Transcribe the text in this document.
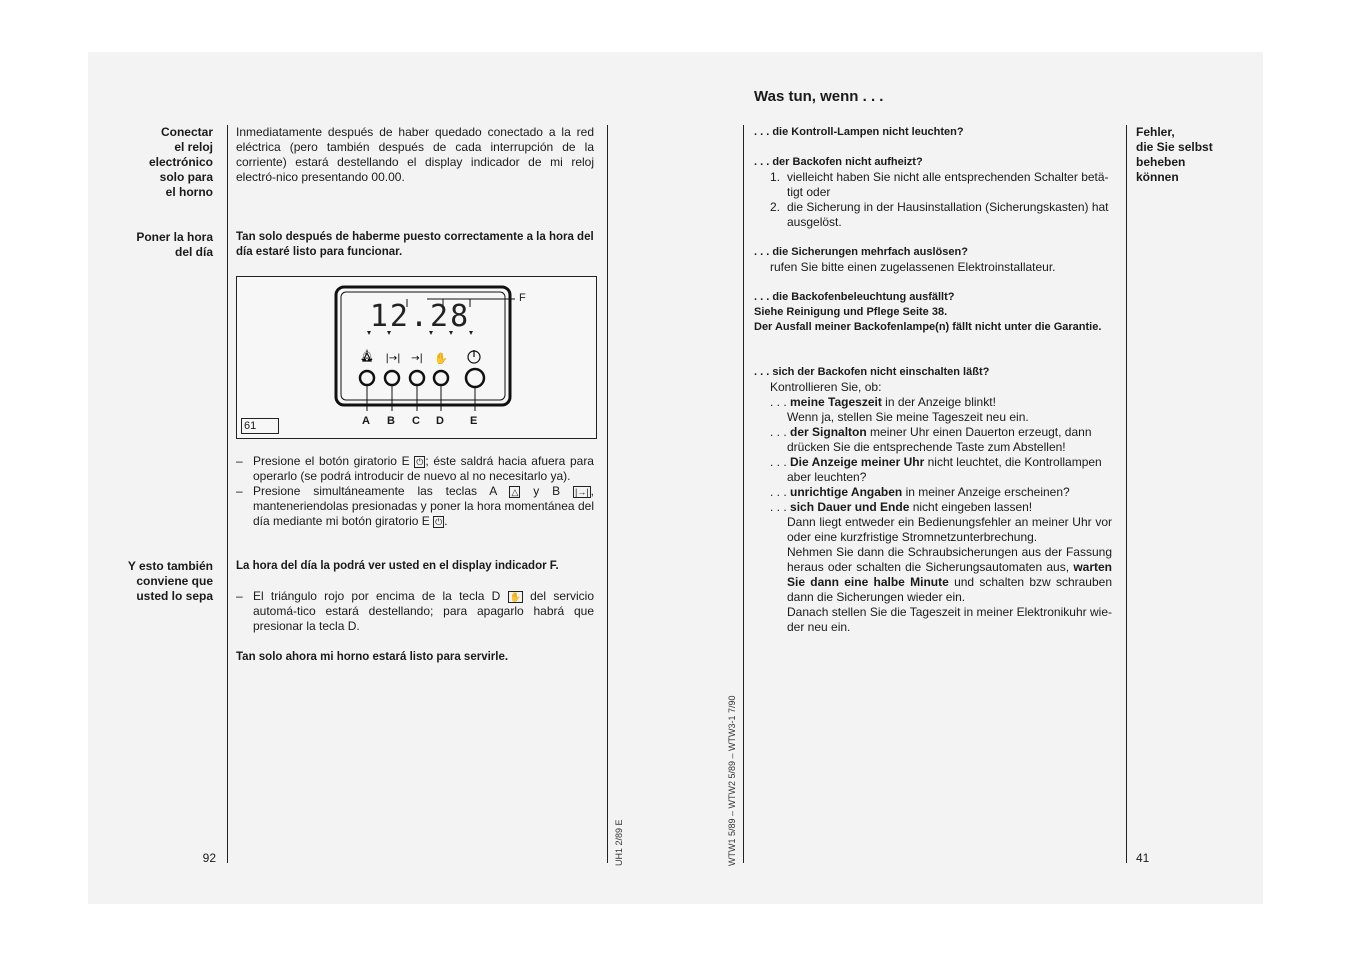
Conectar
el reloj
electrónico
solo para
el horno
Poner la hora
del día
Y esto también
conviene que
usted lo sepa
Inmediatamente después de haber quedado conectado a la red eléctrica (pero también después de cada interrupción de la corriente) estará destellando el display indicador de mi reloj electró-nico presentando 00.00.
Tan solo después de haberme puesto correctamente a la hora del día estaré listo para funcionar.
🔔︎ |→| →| ✋
12.28
F
61	A B C D E
– Presione el botón giratorio E ⏻ ; éste saldrá hacia afuera para operarlo (se podrá introducir de nuevo al no necesitarlo ya).
– Presione simultáneamente las teclas A △ y B |→| , manteneriendolas presionadas y poner la hora momentánea del día mediante mi botón giratorio E ⏻ .
La hora del día la podrá ver usted en el display indicador F.
– El triángulo rojo por encima de la tecla D ✋ del servicio automá-tico estará destellando; para apagarlo habrá que presionar la tecla D.
Tan solo ahora mi horno estará listo para servirle.
92	UH1 2/89 E
Was tun, wenn . . .
WTW1 5/89 – WTW2 5/89 – WTW3-1 7/90
Fehler,
die Sie selbst
beheben
können
. . . die Kontroll-Lampen nicht leuchten?
. . . der Backofen nicht aufheizt?
1. vielleicht haben Sie nicht alle entsprechenden Schalter betä-tigt oder
2. die Sicherung in der Hausinstallation (Sicherungskasten) hat ausgelöst.
. . . die Sicherungen mehrfach auslösen?
rufen Sie bitte einen zugelassenen Elektroinstallateur.
. . . die Backofenbeleuchtung ausfällt?
Siehe Reinigung und Pflege Seite 38.
Der Ausfall meiner Backofenlampe(n) fällt nicht unter die Garantie.
. . . sich der Backofen nicht einschalten läßt?
Kontrollieren Sie, ob:
. . . meine Tageszeit in der Anzeige blinkt!
Wenn ja, stellen Sie meine Tageszeit neu ein.
. . . der Signalton meiner Uhr einen Dauerton erzeugt, dann
drücken Sie die entsprechende Taste zum Abstellen!
. . . Die Anzeige meiner Uhr nicht leuchtet, die Kontrollampen
aber leuchten?
. . . unrichtige Angaben in meiner Anzeige erscheinen?
. . . sich Dauer und Ende nicht eingeben lassen!
Dann liegt entweder ein Bedienungsfehler an meiner Uhr vor oder eine kurzfristige Stromnetzunterbrechung.
Nehmen Sie dann die Schraubsicherungen aus der Fassung heraus oder schalten die Sicherungsautomaten aus, warten Sie dann eine halbe Minute und schalten bzw schrauben dann die Sicherungen wieder ein.
Danach stellen Sie die Tageszeit in meiner Elektronikuhr wie-der neu ein.
41
